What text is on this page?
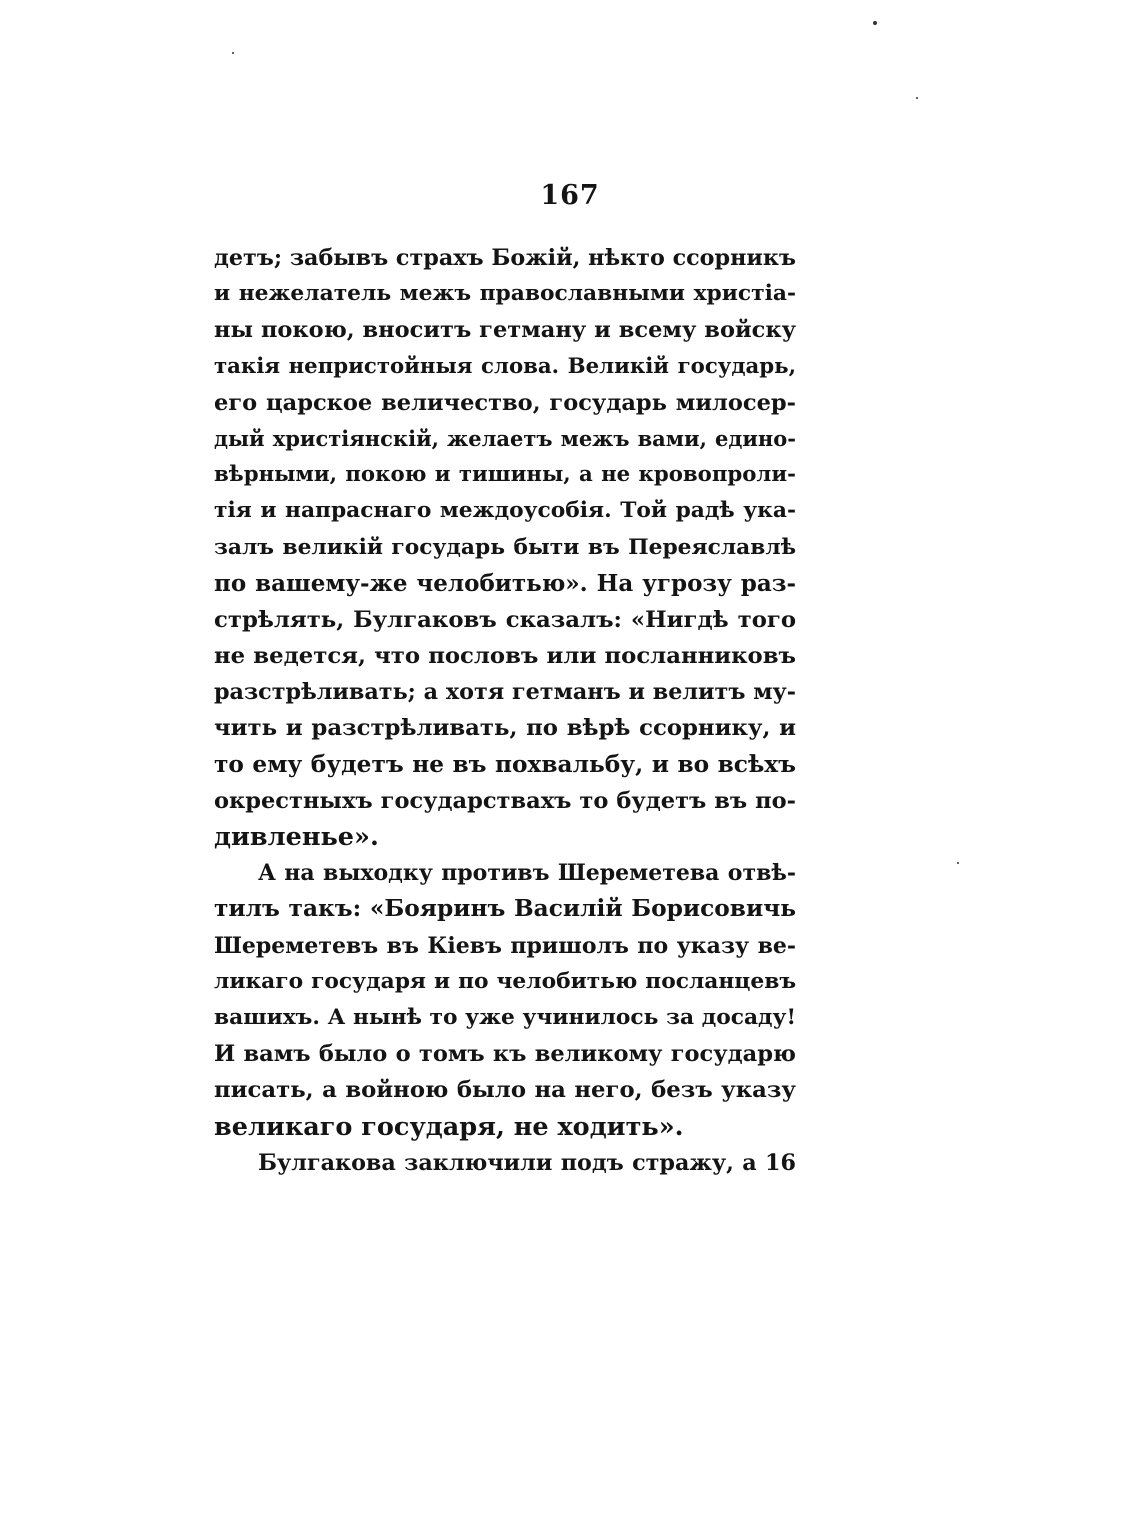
167
детъ; забывъ страхъ Божій, нѣкто ссорникъ
и нежелатель межъ православными христіа-
ны покою, вноситъ гетману и всему войску
такія непристойныя слова. Великій государь,
его царское величество, государь милосер-
дый христіянскій, желаетъ межъ вами, едино-
вѣрными, покою и тишины, а не кровопроли-
тія и напраснаго междоусобія. Той радѣ ука-
залъ великій государь быти въ Переяславлѣ
по вашему-же челобитью». На угрозу раз-
стрѣлять, Булгаковъ сказалъ: «Нигдѣ того
не ведется, что пословъ или посланниковъ
разстрѣливать; а хотя гетманъ и велитъ му-
чить и разстрѣливать, по вѣрѣ ссорнику, и
то ему будетъ не въ похвальбу, и во всѣхъ
окрестныхъ государствахъ то будетъ въ по-
дивленье».
А на выходку противъ Шереметева отвѣ-
тилъ такъ: «Бояринъ Василій Борисовичь
Шереметевъ въ Кіевъ пришолъ по указу ве-
ликаго государя и по челобитью посланцевъ
вашихъ. А нынѣ то уже учинилось за досаду!
И вамъ было о томъ къ великому государю
писать, а войною было на него, безъ указу
великаго государя, не ходить».
Булгакова заключили подъ стражу, а 16
